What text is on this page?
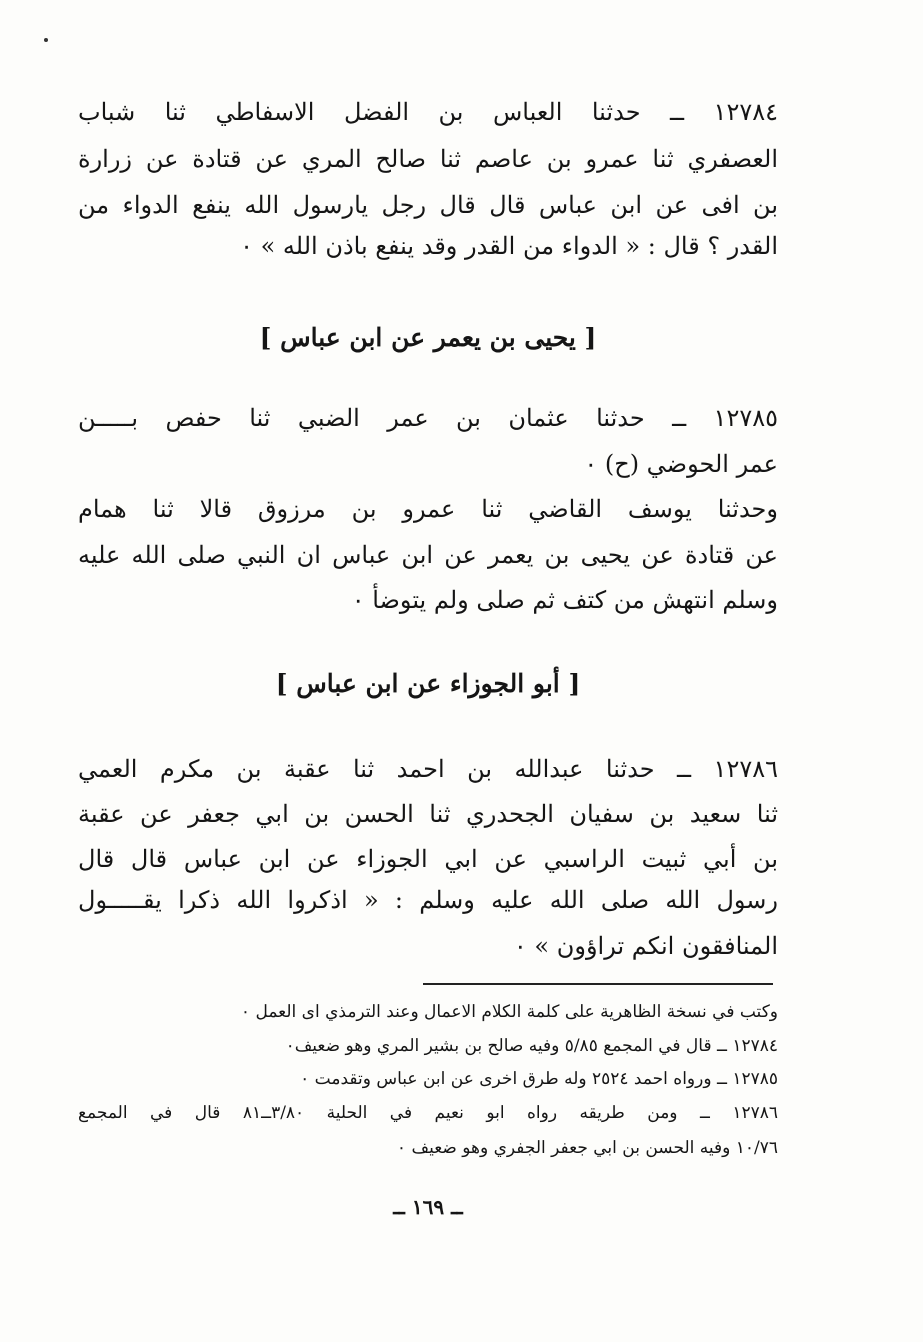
١٢٧٨٤ ــ حدثنا العباس بن الفضل الاسفاطي ثنا شباب
العصفري ثنا عمرو بن عاصم ثنا صالح المري عن قتادة عن زرارة
بن افى عن ابن عباس قال قال رجل يارسول الله ينفع الدواء من
القدر ؟ قال : « الدواء من القدر وقد ينفع باذن الله » ٠
[ يحيى بن يعمر عن ابن عباس ]
١٢٧٨٥ ــ حدثنا عثمان بن عمر الضبي ثنا حفص بـــــن
عمر الحوضي (ح) ٠
وحدثنا يوسف القاضي ثنا عمرو بن مرزوق قالا ثنا همام
عن قتادة عن يحيى بن يعمر عن ابن عباس ان النبي صلى الله عليه
وسلم انتهش من كتف ثم صلى ولم يتوضأ ٠
[ أبو الجوزاء عن ابن عباس ]
١٢٧٨٦ ــ حدثنا عبدالله بن احمد ثنا عقبة بن مكرم العمي
ثنا سعيد بن سفيان الجحدري ثنا الحسن بن ابي جعفر عن عقبة
بن أبي ثبيت الراسبي عن ابي الجوزاء عن ابن عباس قال قال
رسول الله صلى الله عليه وسلم : « اذكروا الله ذكرا يقـــــول
المنافقون انكم تراؤون » ٠
وكتب في نسخة الظاهرية على كلمة الكلام الاعمال وعند الترمذي اى العمل ٠
١٢٧٨٤ ــ قال في المجمع ٥/٨٥ وفيه صالح بن بشير المري وهو ضعيف٠
١٢٧٨٥ ــ ورواه احمد ٢٥٢٤ وله طرق اخرى عن ابن عباس وتقدمت ٠
١٢٧٨٦ ــ ومن طريقه رواه ابو نعيم في الحلية ٣/٨٠ــ٨١ قال في المجمع
١٠/٧٦ وفيه الحسن بن ابي جعفر الجفري وهو ضعيف ٠
ــ ١٦٩ ــ
